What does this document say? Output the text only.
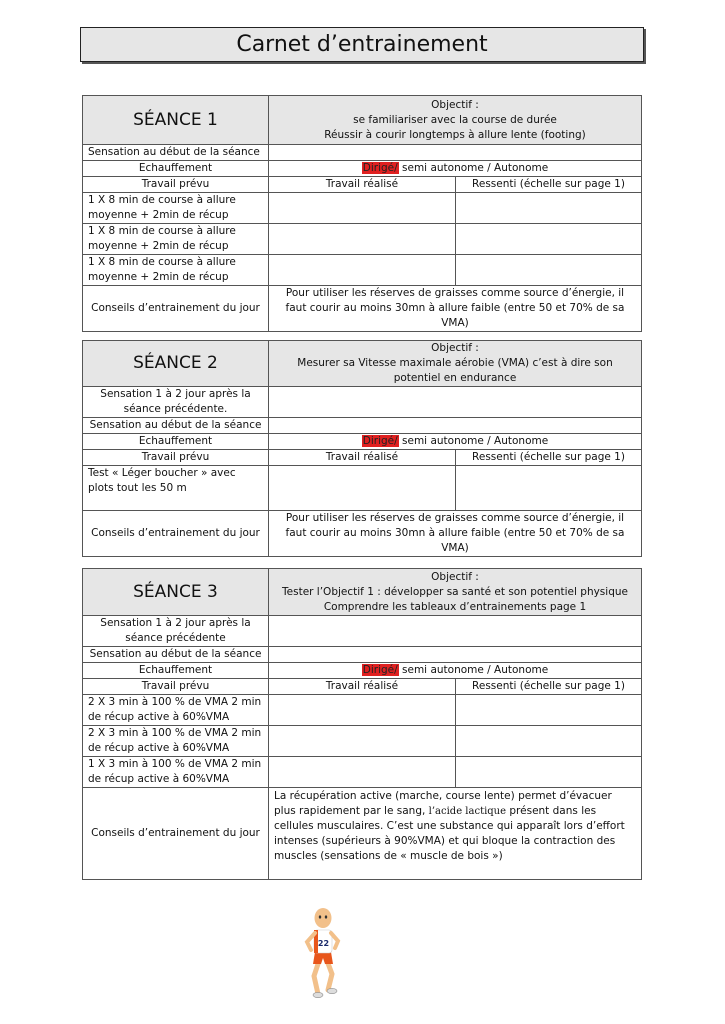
Carnet d’entrainement
SÉANCE 1	Objectif :
se familiariser avec la course de durée
Réussir à courir longtemps à allure lente (footing)	

Sensation au début de la séance		
Echauffement	Dirigé/ semi autonome / Autonome	
Travail prévu	Travail réalisé	Ressenti (échelle sur page 1)
1 X 8 min de course à allure moyenne + 2min de récup		
1 X 8 min de course à allure moyenne + 2min de récup		
1 X 8 min de course à allure moyenne + 2min de récup		
Conseils d’entrainement du jour	Pour utiliser les réserves de graisses comme source d’énergie, il faut courir au moins 30mn à allure faible (entre 50 et 70% de sa VMA)	
SÉANCE 2	Objectif :
Mesurer sa Vitesse maximale aérobie (VMA) c’est à dire son potentiel en endurance	

Sensation 1 à 2 jour après la séance précédente.		
Sensation au début de la séance		
Echauffement	Dirigé/ semi autonome / Autonome	
Travail prévu	Travail réalisé	Ressenti (échelle sur page 1)
Test « Léger boucher » avec plots tout les 50 m		
Conseils d’entrainement du jour	Pour utiliser les réserves de graisses comme source d’énergie, il faut courir au moins 30mn à allure faible (entre 50 et 70% de sa VMA)	
SÉANCE 3	Objectif :
Tester l’Objectif 1 : développer sa santé et son potentiel physique
Comprendre les tableaux d’entrainements page 1	

Sensation 1 à 2 jour après la séance précédente		
Sensation au début de la séance		
Echauffement	Dirigé/ semi autonome / Autonome	
Travail prévu	Travail réalisé	Ressenti (échelle sur page 1)
2 X 3 min à 100 % de VMA 2 min de récup active à 60%VMA		
2 X 3 min à 100 % de VMA 2 min de récup active à 60%VMA		
1 X 3 min à 100 % de VMA 2 min de récup active à 60%VMA		
Conseils d’entrainement du jour	La récupération active (marche, course lente) permet d’évacuer plus rapidement par le sang, l’acide lactique présent dans les cellules musculaires. C’est une substance qui apparaît lors d’effort intenses (supérieurs à 90%VMA) et qui bloque la contraction des muscles (sensations de « muscle de bois »)	
22
